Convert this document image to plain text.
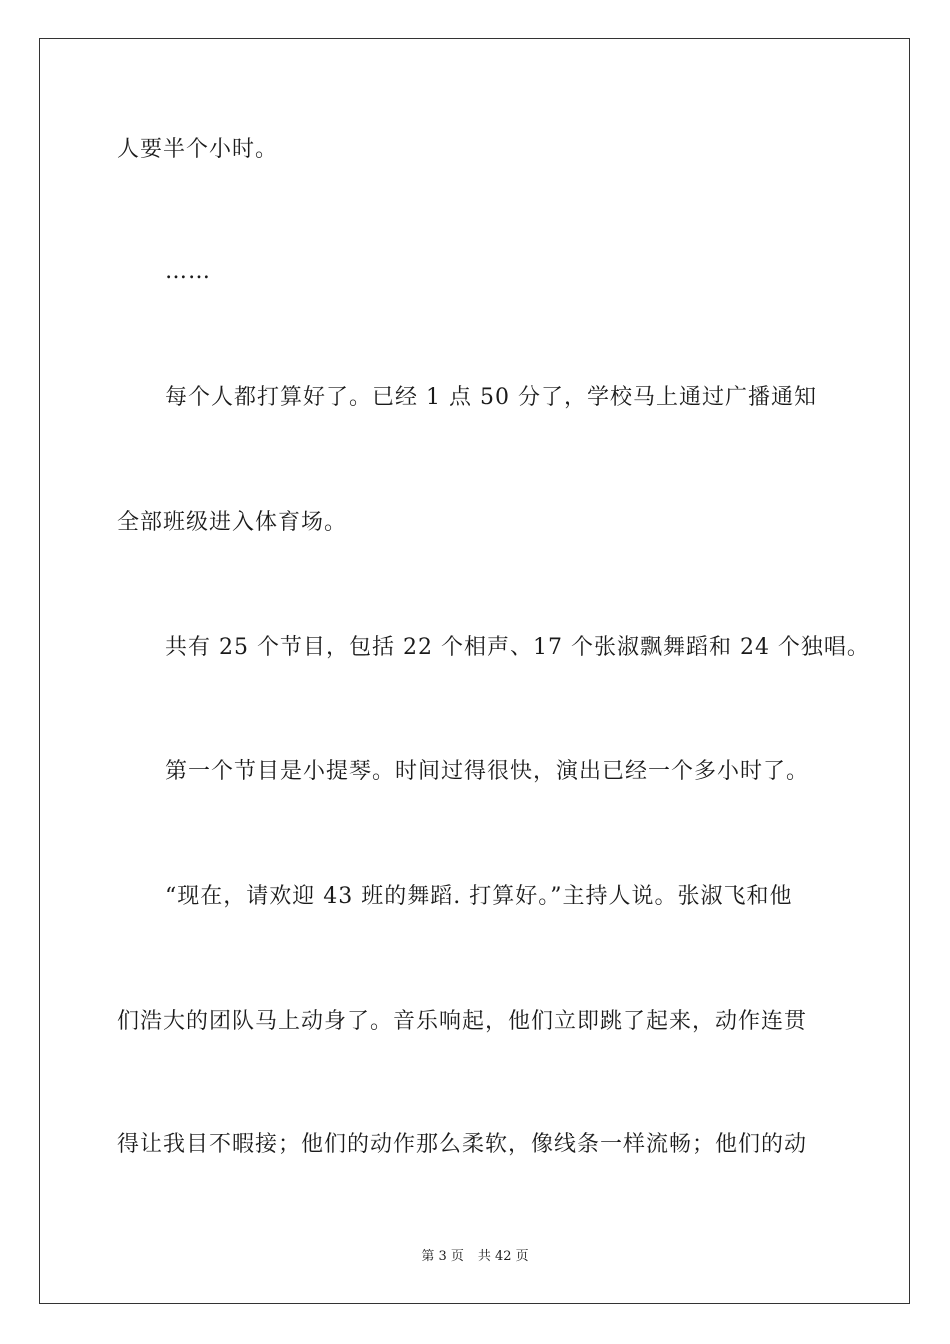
人要半个小时。
……
每个人都打算好了。已经 1 点 50 分了，学校马上通过广播通知
全部班级进入体育场。
共有 25 个节目，包括 22 个相声、17 个张淑飘舞蹈和 24 个独唱。
第一个节目是小提琴。时间过得很快，演出已经一个多小时了。
“现在，请欢迎 43 班的舞蹈. 打算好。”主持人说。张淑飞和他
们浩大的团队马上动身了。音乐响起，他们立即跳了起来，动作连贯
得让我目不暇接；他们的动作那么柔软，像线条一样流畅；他们的动
第 3 页 共 42 页
